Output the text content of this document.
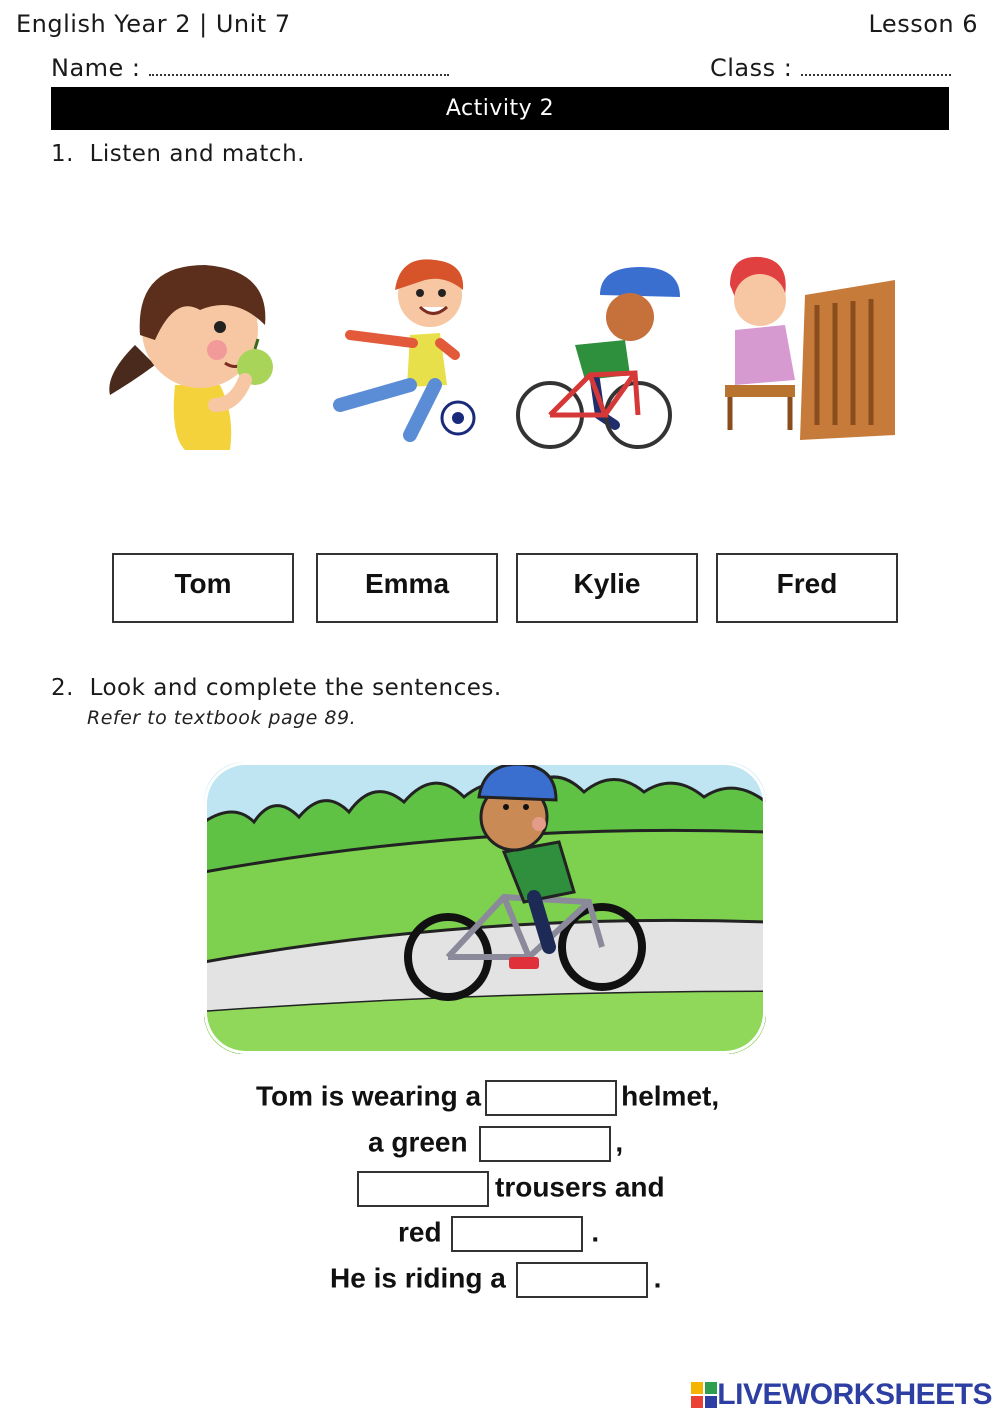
English Year 2 | Unit 7	Lesson 6
Name :	Class :
Activity 2
1. Listen and match.
Tom	Emma	Kylie	Fred
2. Look and complete the sentences.
Refer to textbook page 89.
Tom is wearing a	helmet,
a green	,
trousers and
red	.
He is riding a	.
LIVEWORKSHEETS
